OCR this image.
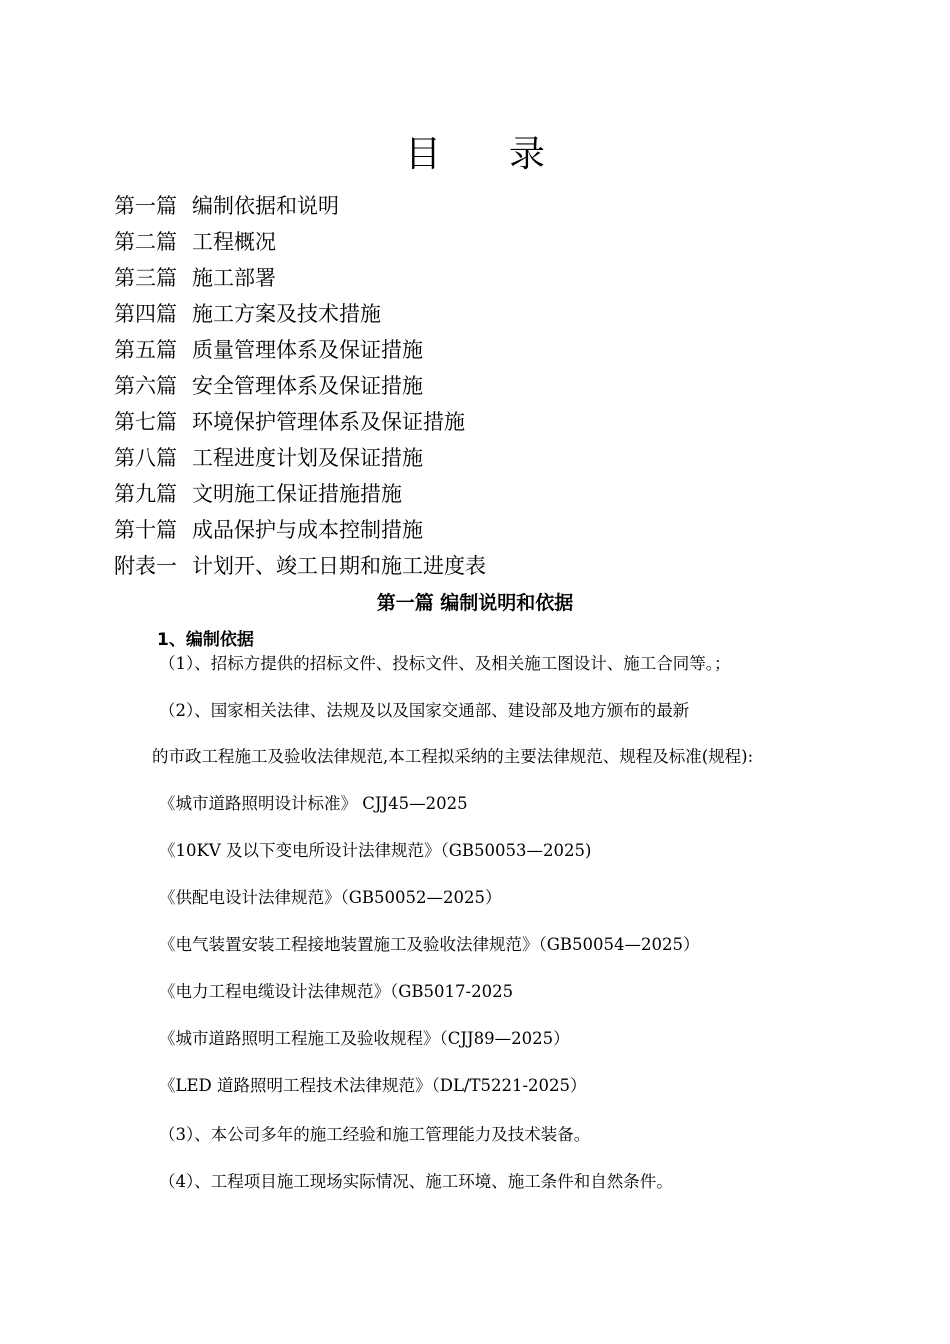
目 录
第一篇 编制依据和说明
第二篇 工程概况
第三篇 施工部署
第四篇 施工方案及技术措施
第五篇 质量管理体系及保证措施
第六篇 安全管理体系及保证措施
第七篇 环境保护管理体系及保证措施
第八篇 工程进度计划及保证措施
第九篇 文明施工保证措施措施
第十篇 成品保护与成本控制措施
附表一 计划开、竣工日期和施工进度表
第一篇 编制说明和依据
1、编制依据
（1）、招标方提供的招标文件、投标文件、及相关施工图设计、施工合同等。；
（2）、国家相关法律、法规及以及国家交通部、建设部及地方颁布的最新
的市政工程施工及验收法律规范,本工程拟采纳的主要法律规范、规程及标准(规程):
《城市道路照明设计标准》 CJJ45—2025
《10KV 及以下变电所设计法律规范》（GB50053—2025)
《供配电设计法律规范》（GB50052—2025）
《电气装置安装工程接地装置施工及验收法律规范》（GB50054—2025）
《电力工程电缆设计法律规范》（GB5017-2025
《城市道路照明工程施工及验收规程》（CJJ89—2025）
《LED 道路照明工程技术法律规范》（DL/T5221-2025）
（3）、本公司多年的施工经验和施工管理能力及技术装备。
（4）、工程项目施工现场实际情况、施工环境、施工条件和自然条件。
